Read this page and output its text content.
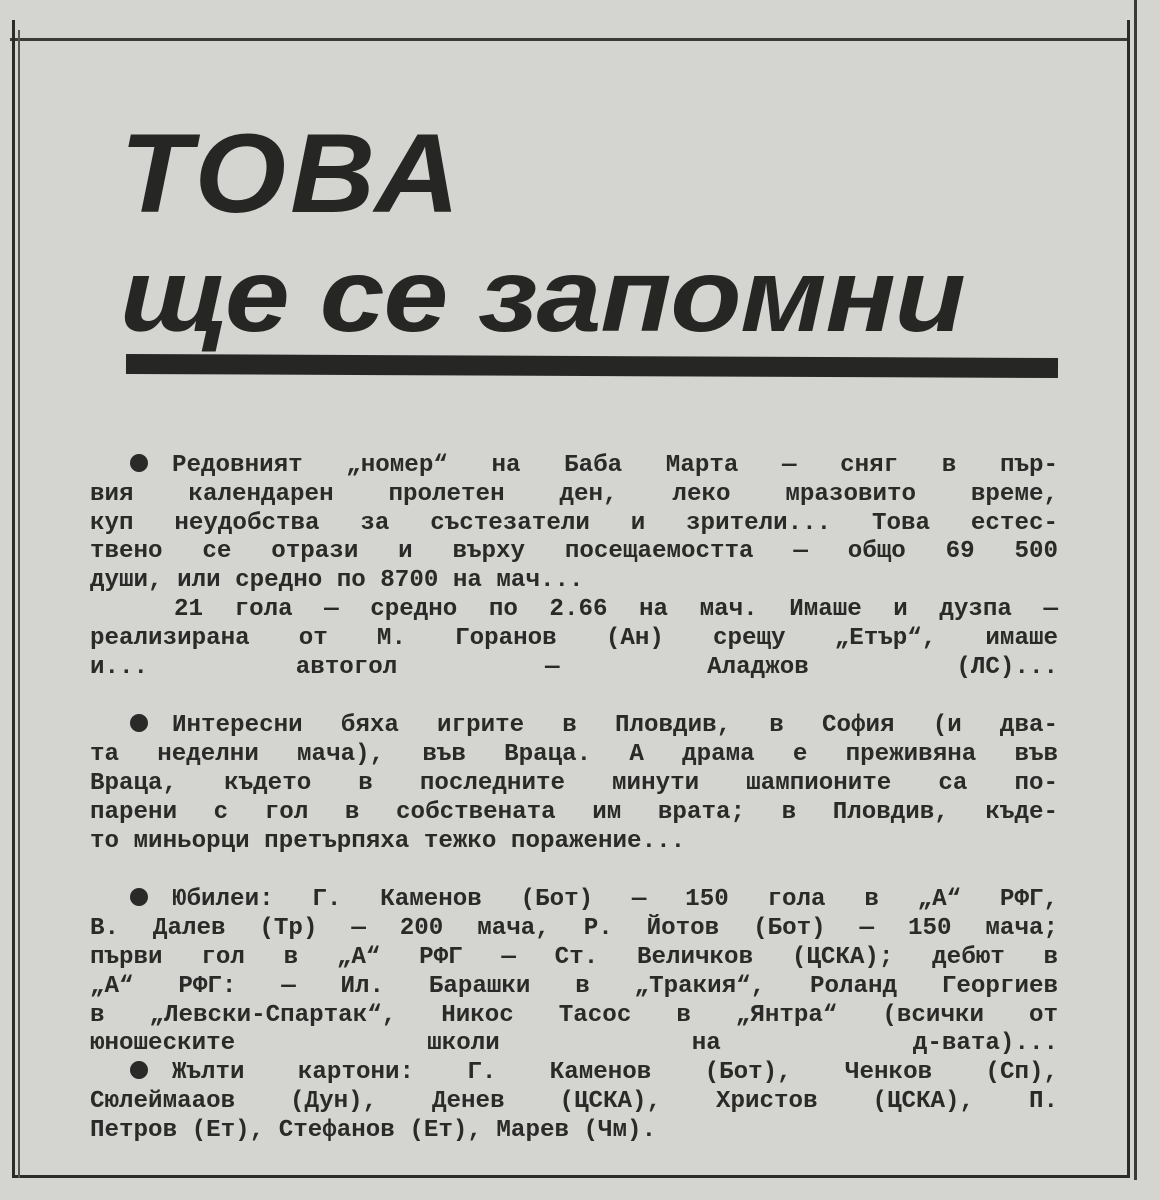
ТОВА
ще се запомни

Редовният „номер“ на Баба Марта — сняг в пър-
вия календарен пролетен ден, леко мразовито време,
куп неудобства за състезатели и зрители... Това естес-
твено се отрази и върху посещаемостта — общо 69 500
души, или средно по 8700 на мач...

21 гола — средно по 2.66 на мач. Имаше и дузпа —
реализирана от М. Горанов (Ан) срещу „Етър“, имаше
и... автогол — Аладжов (ЛС)...

Интересни бяха игрите в Пловдив, в София (и два-
та неделни мача), във Враца. А драма е преживяна във
Враца, където в последните минути шампионите са по-
парени с гол в собствената им врата; в Пловдив, къде-
то миньорци претърпяха тежко поражение...

Юбилеи: Г. Каменов (Бот) — 150 гола в „А“ РФГ,
В. Далев (Тр) — 200 мача, Р. Йотов (Бот) — 150 мача;
първи гол в „А“ РФГ — Ст. Величков (ЦСКА); дебют в
„А“ РФГ: — Ил. Барашки в „Тракия“, Роланд Георгиев
в „Левски-Спартак“, Никос Тасос в „Янтра“ (всички от
юношеските школи на д-вата)...

Жълти картони: Г. Каменов (Бот), Ченков (Сп),
Сюлеймаaов (Дун), Денев (ЦСКА), Христов (ЦСКА), П.
Петров (Ет), Стефанов (Ет), Марев (Чм).
